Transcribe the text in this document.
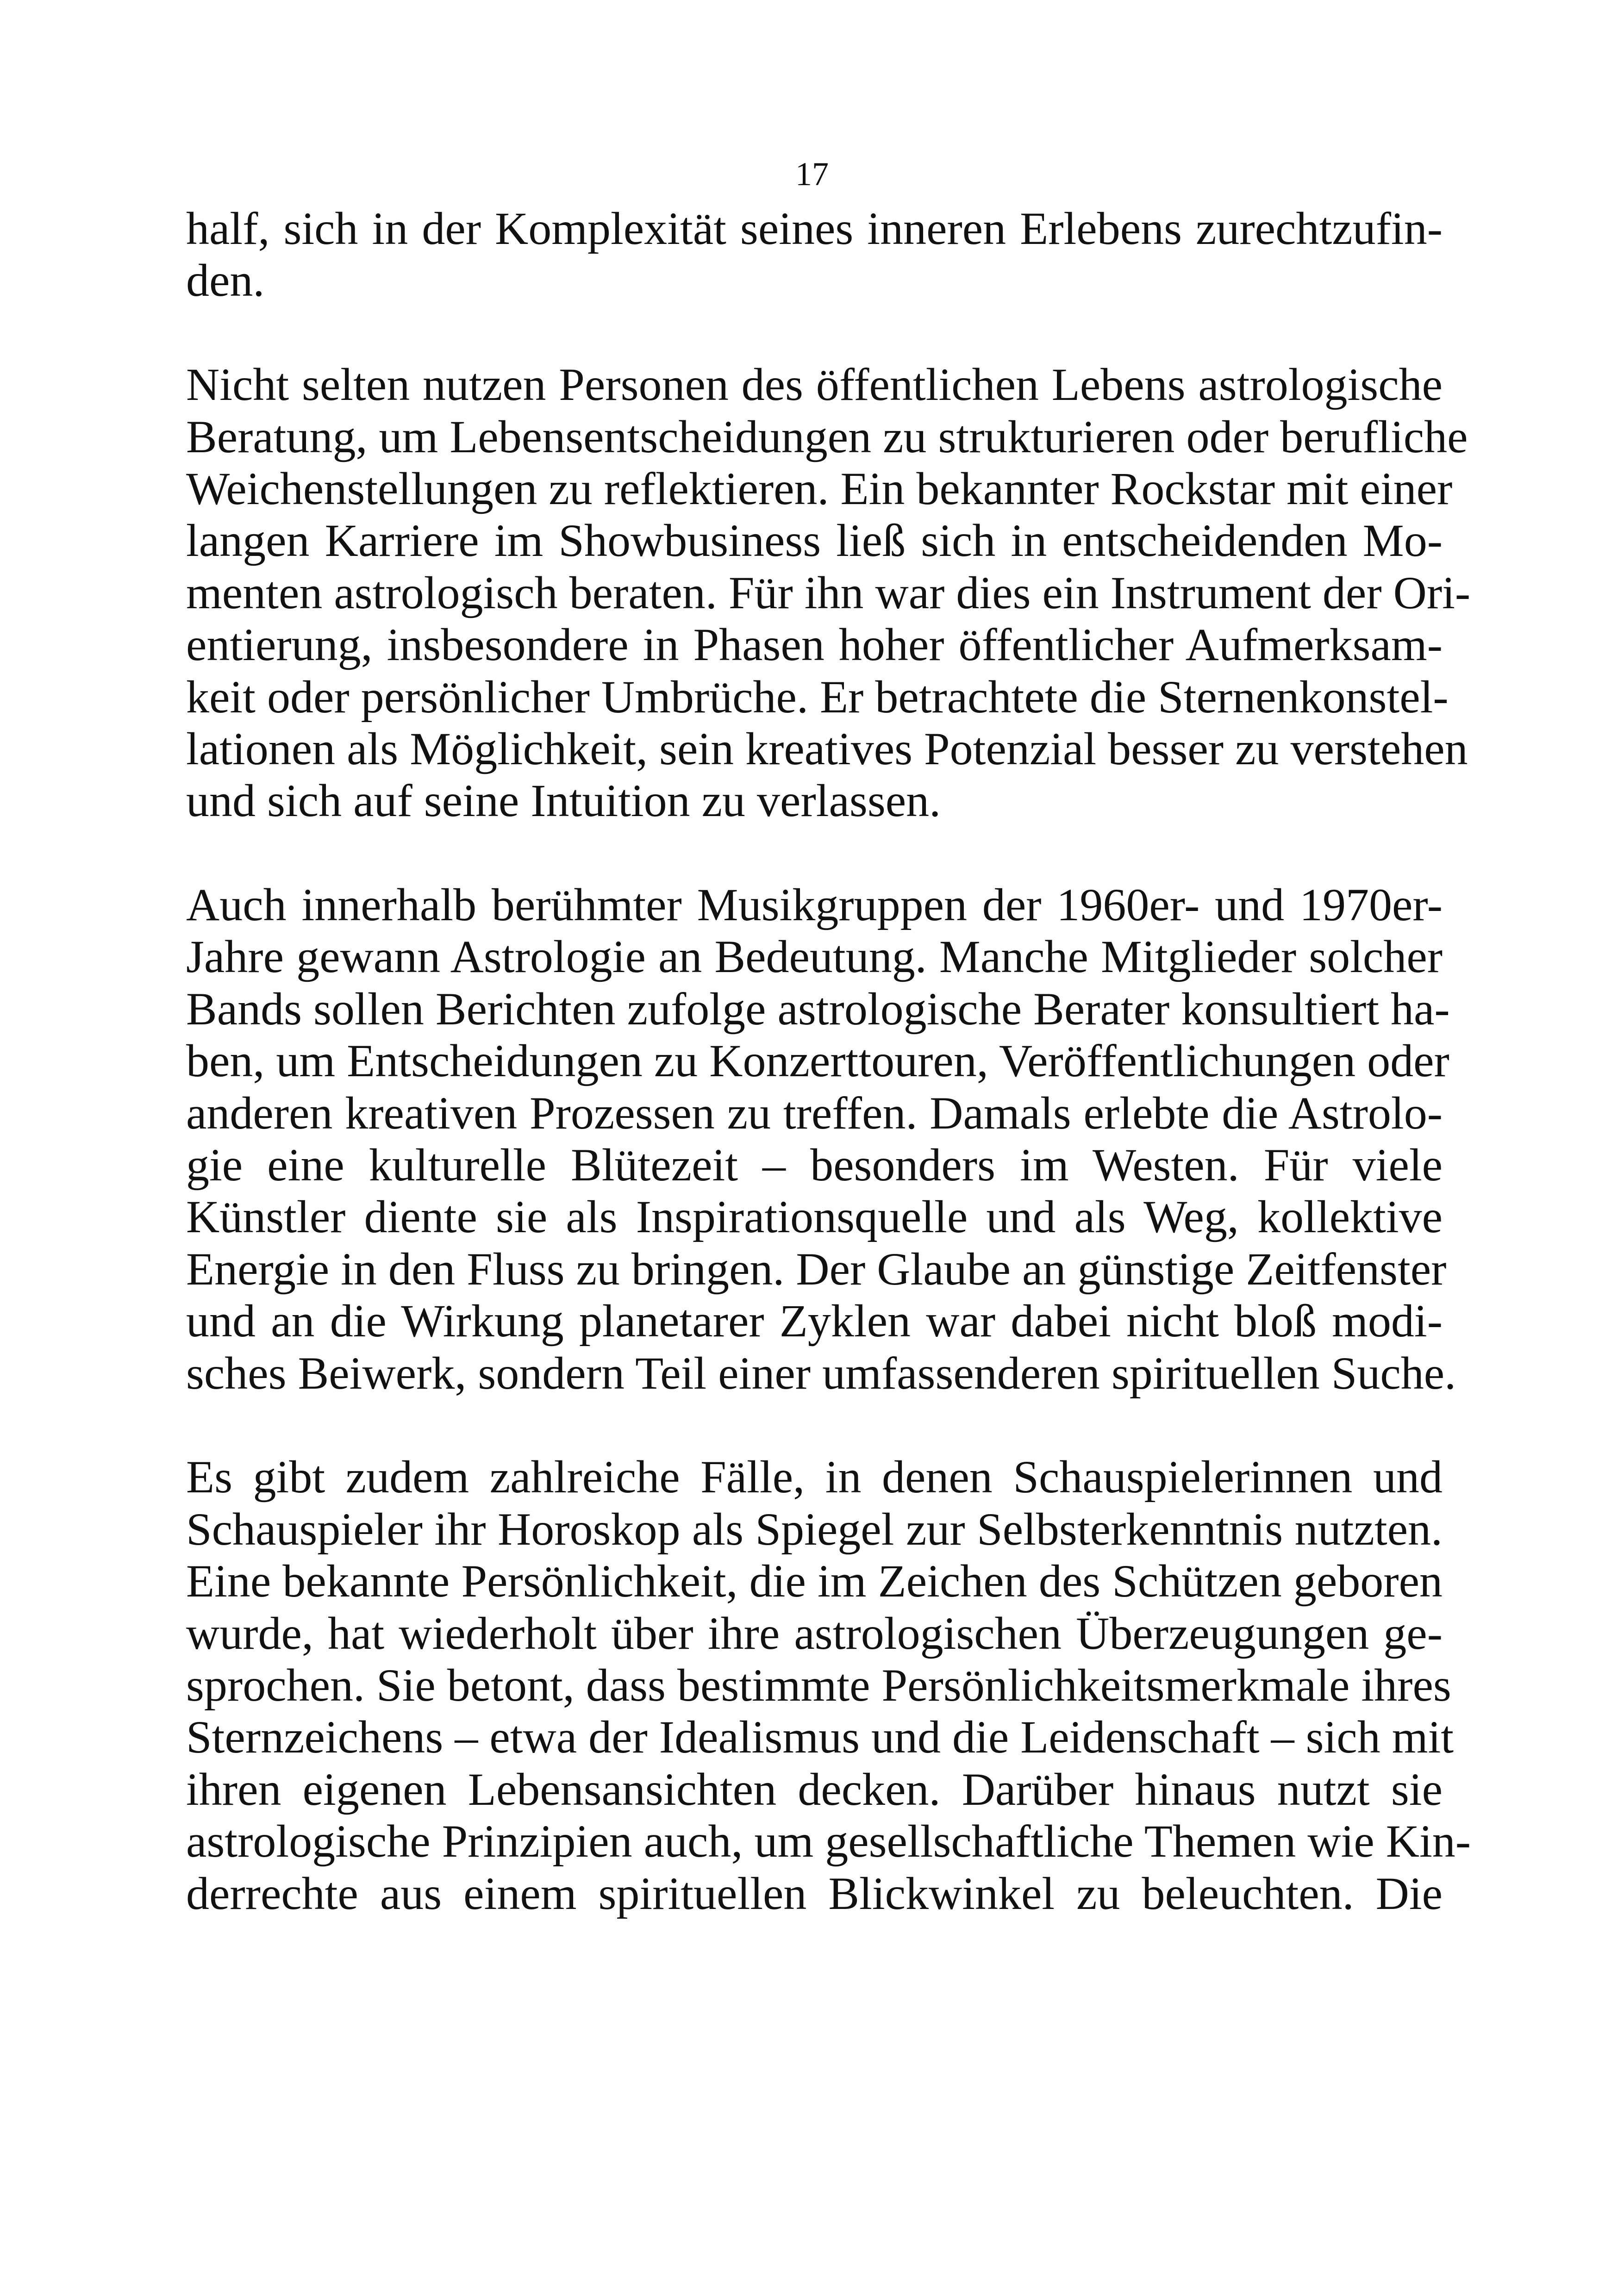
17
half, sich in der Komplexität seines inneren Erlebens zurechtzufin-
den.
Nicht selten nutzen Personen des öffentlichen Lebens astrologische
Beratung, um Lebensentscheidungen zu strukturieren oder berufliche
Weichenstellungen zu reflektieren. Ein bekannter Rockstar mit einer
langen Karriere im Showbusiness ließ sich in entscheidenden Mo-
menten astrologisch beraten. Für ihn war dies ein Instrument der Ori-
entierung, insbesondere in Phasen hoher öffentlicher Aufmerksam-
keit oder persönlicher Umbrüche. Er betrachtete die Sternenkonstel-
lationen als Möglichkeit, sein kreatives Potenzial besser zu verstehen
und sich auf seine Intuition zu verlassen.
Auch innerhalb berühmter Musikgruppen der 1960er- und 1970er-
Jahre gewann Astrologie an Bedeutung. Manche Mitglieder solcher
Bands sollen Berichten zufolge astrologische Berater konsultiert ha-
ben, um Entscheidungen zu Konzerttouren, Veröffentlichungen oder
anderen kreativen Prozessen zu treffen. Damals erlebte die Astrolo-
gie eine kulturelle Blütezeit – besonders im Westen. Für viele
Künstler diente sie als Inspirationsquelle und als Weg, kollektive
Energie in den Fluss zu bringen. Der Glaube an günstige Zeitfenster
und an die Wirkung planetarer Zyklen war dabei nicht bloß modi-
sches Beiwerk, sondern Teil einer umfassenderen spirituellen Suche.
Es gibt zudem zahlreiche Fälle, in denen Schauspielerinnen und
Schauspieler ihr Horoskop als Spiegel zur Selbsterkenntnis nutzten.
Eine bekannte Persönlichkeit, die im Zeichen des Schützen geboren
wurde, hat wiederholt über ihre astrologischen Überzeugungen ge-
sprochen. Sie betont, dass bestimmte Persönlichkeitsmerkmale ihres
Sternzeichens – etwa der Idealismus und die Leidenschaft – sich mit
ihren eigenen Lebensansichten decken. Darüber hinaus nutzt sie
astrologische Prinzipien auch, um gesellschaftliche Themen wie Kin-
derrechte aus einem spirituellen Blickwinkel zu beleuchten. Die
